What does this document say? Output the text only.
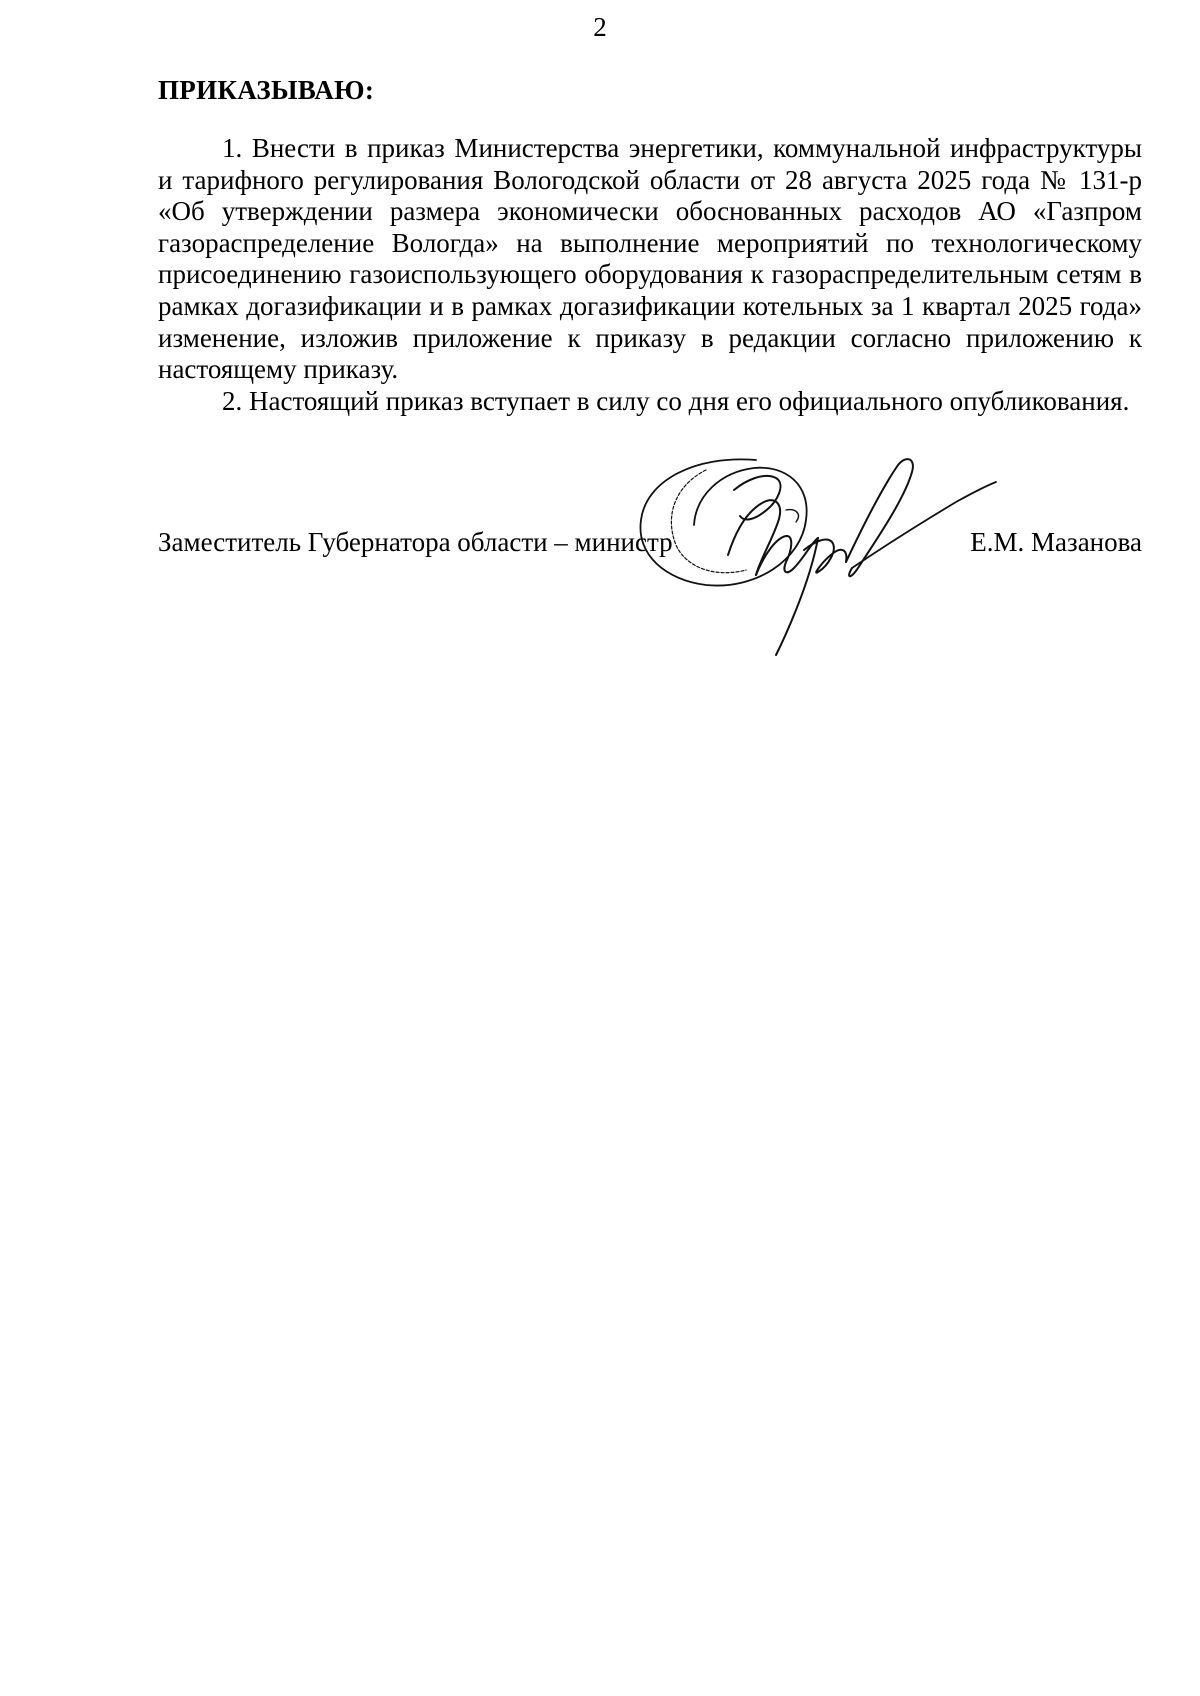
2
ПРИКАЗЫВАЮ:

1. Внести в приказ Министерства энергетики, коммунальной инфраструктуры и тарифного регулирования Вологодской области от 28 августа 2025 года № 131-р «Об утверждении размера экономически обоснованных расходов АО «Газпром газораспределение Вологда» на выполнение мероприятий по технологическому присоединению газоиспользующего оборудования к газораспределительным сетям в рамках догазификации и в рамках догазификации котельных за 1 квартал 2025 года» изменение, изложив приложение к приказу в редакции согласно приложению к настоящему приказу.

2. Настоящий приказ вступает в силу со дня его официального опубликования.

Заместитель Губернатора области – министр	Е.М. Мазанова
